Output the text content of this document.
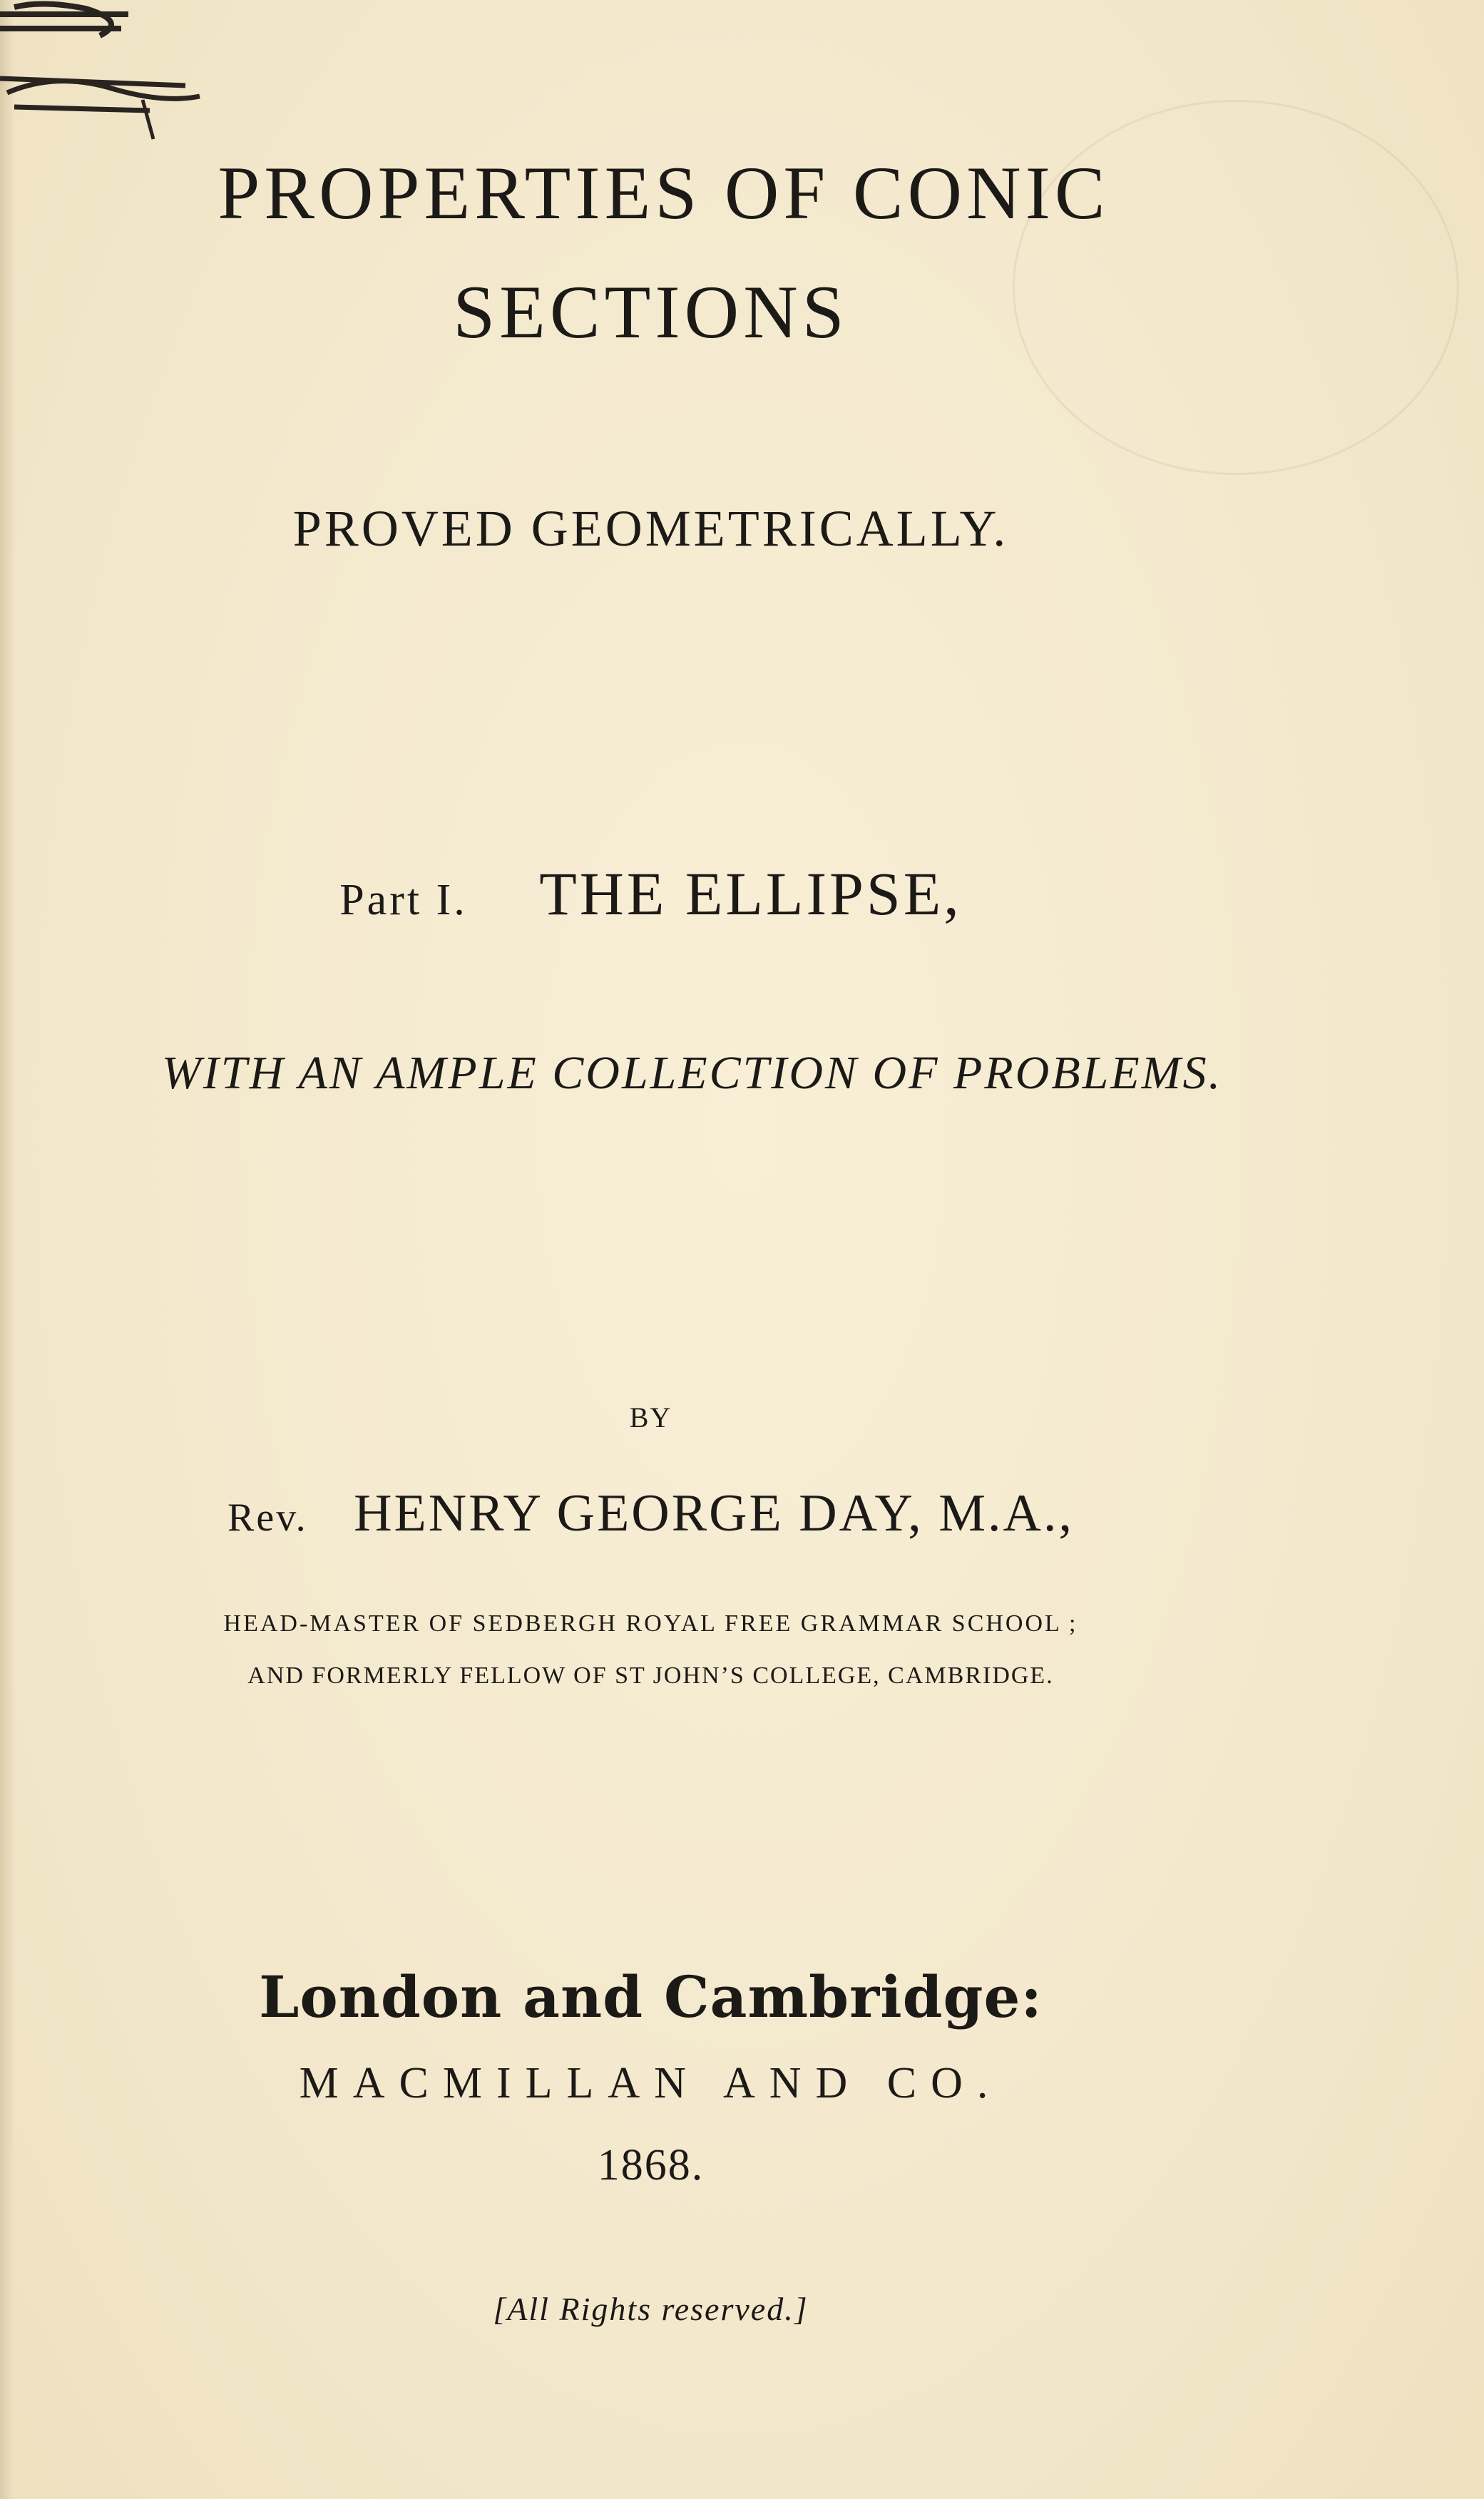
PROPERTIES OF CONIC
SECTIONS
PROVED GEOMETRICALLY.
Part I. THE ELLIPSE,
WITH AN AMPLE COLLECTION OF PROBLEMS.
BY
Rev. HENRY GEORGE DAY, M.A.,
HEAD-MASTER OF SEDBERGH ROYAL FREE GRAMMAR SCHOOL ;
AND FORMERLY FELLOW OF ST JOHN’S COLLEGE, CAMBRIDGE.
London and Cambridge:
MACMILLAN AND CO.
1868.
[All Rights reserved.]
